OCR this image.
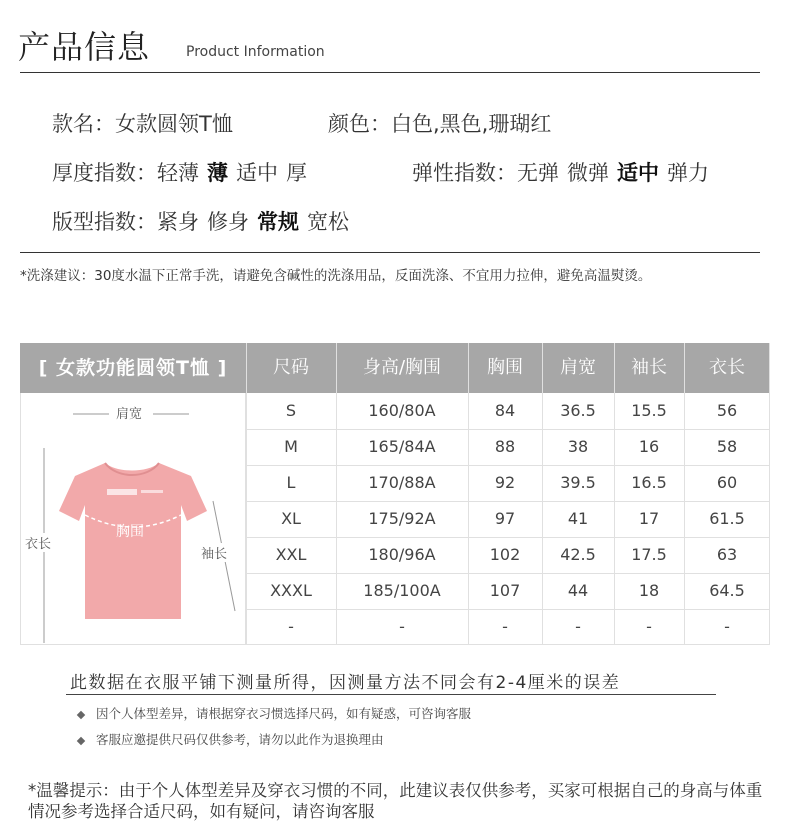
产品信息	Product Information
款名：女款圆领T恤	颜色：白色,黑色,珊瑚红
厚度指数：轻薄 薄 适中 厚	弹性指数：无弹 微弹 适中 弹力
版型指数：紧身 修身 常规 宽松
*洗涤建议：30度水温下正常手洗，请避免含碱性的洗涤用品，反面洗涤、不宜用力拉伸，避免高温熨烫。
[ 女款功能圆领T恤 ]	尺码	身高/胸围	胸围	肩宽	袖长	衣长
肩宽
衣长
胸围
袖长
S	160/80A	84	36.5	15.5	56
M	165/84A	88	38	16	58
L	170/88A	92	39.5	16.5	60
XL	175/92A	97	41	17	61.5
XXL	180/96A	102	42.5	17.5	63
XXXL	185/100A	107	44	18	64.5
-	-	-	-	-	-
此数据在衣服平铺下测量所得，因测量方法不同会有2-4厘米的误差
因个人体型差异，请根据穿衣习惯选择尺码，如有疑惑，可咨询客服
客服应邀提供尺码仅供参考，请勿以此作为退换理由
*温馨提示：由于个人体型差异及穿衣习惯的不同，此建议表仅供参考，买家可根据自己的身高与体重情况参考选择合适尺码，如有疑问，请咨询客服
